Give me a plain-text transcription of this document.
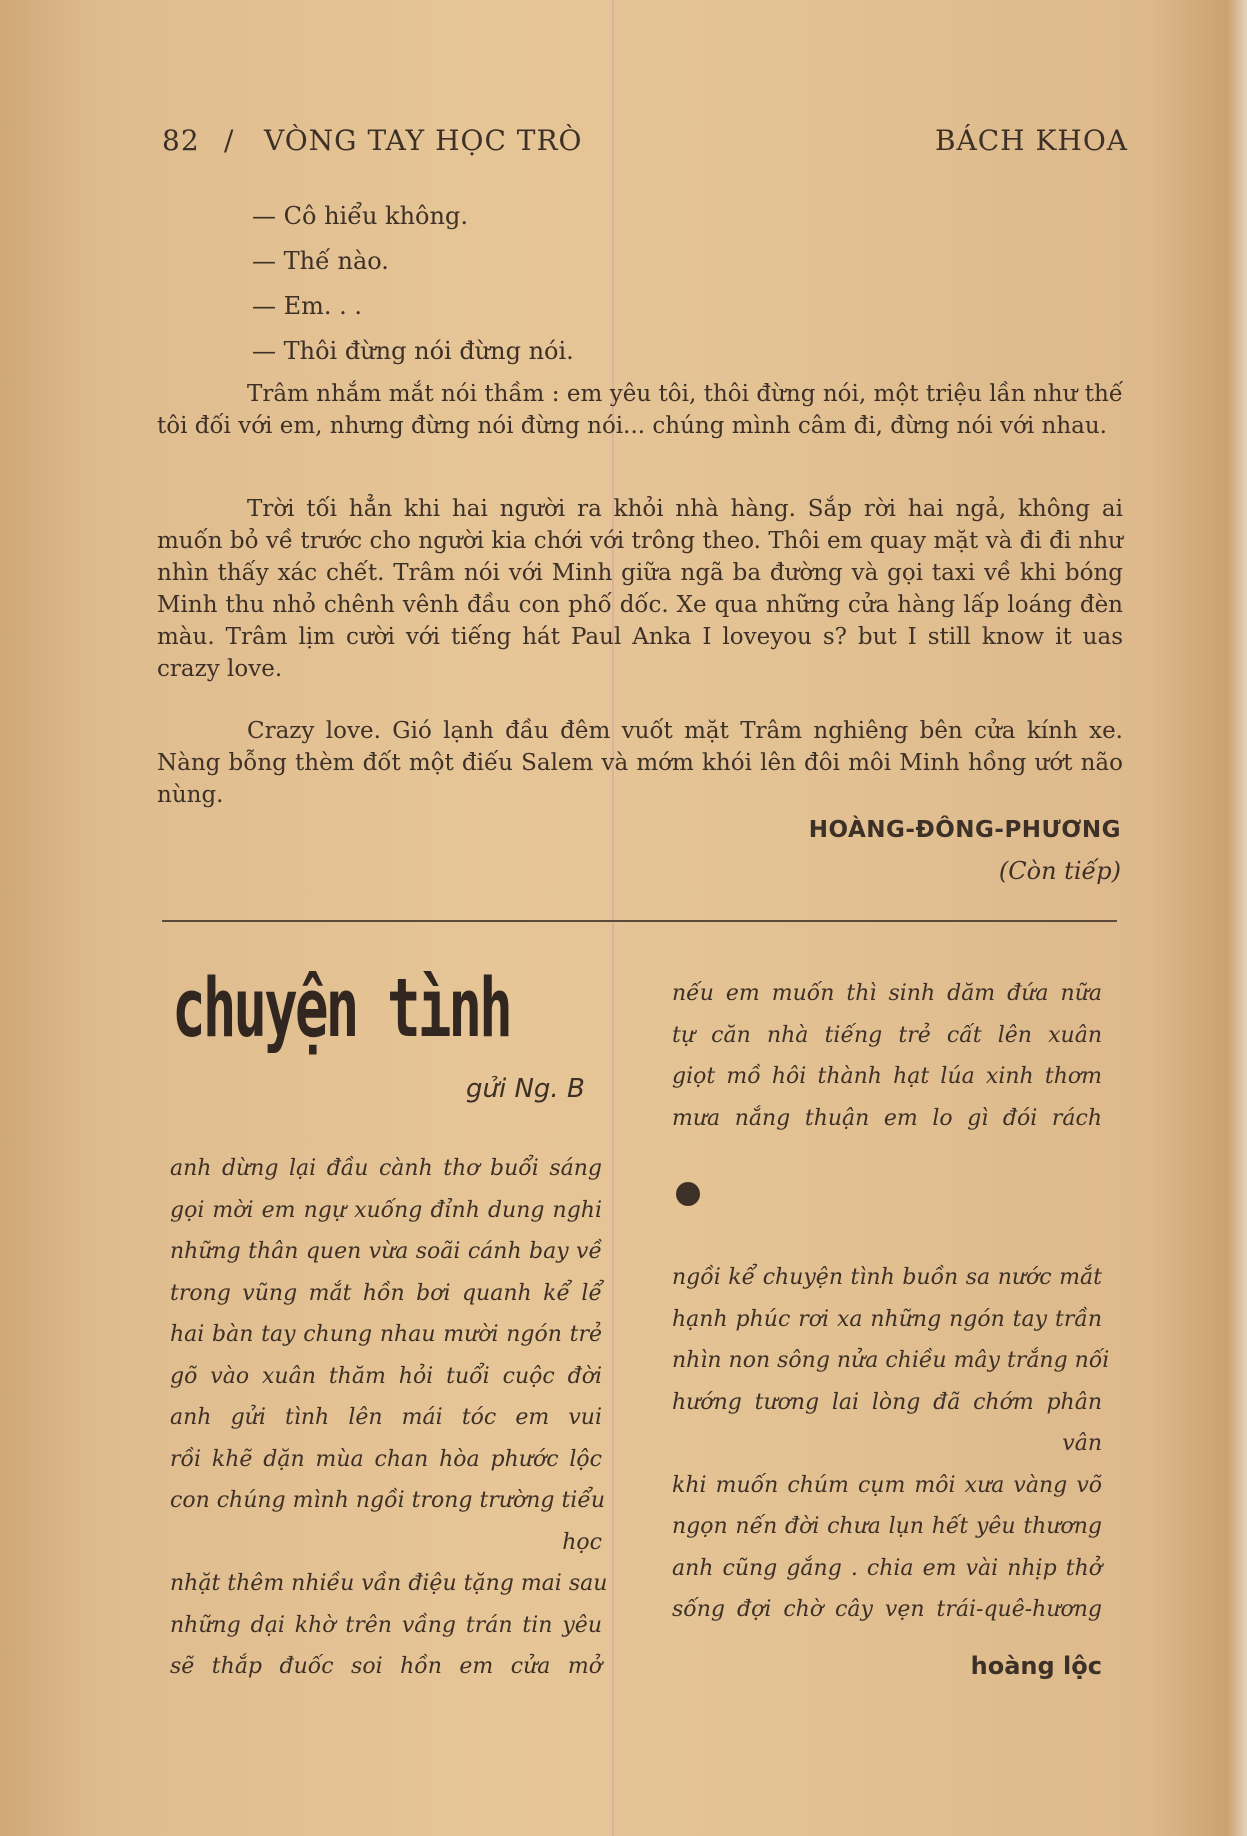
82 / VÒNG TAY HỌC TRÒ	BÁCH KHOA
— Cô hiểu không.
— Thế nào.
— Em. . .
— Thôi đừng nói đừng nói.

Trâm nhắm mắt nói thầm : em yêu tôi, thôi đừng nói, một triệu lần như thế tôi đối với em, nhưng đừng nói đừng nói... chúng mình câm đi, đừng nói với nhau.

Trời tối hẳn khi hai người ra khỏi nhà hàng. Sắp rời hai ngả, không ai muốn bỏ về trước cho người kia chới với trông theo. Thôi em quay mặt và đi đi như nhìn thấy xác chết. Trâm nói với Minh giữa ngã ba đường và gọi taxi về khi bóng Minh thu nhỏ chênh vênh đầu con phố dốc. Xe qua những cửa hàng lấp loáng đèn màu. Trâm lịm cười với tiếng hát Paul Anka I loveyou s? but I still know it uas crazy love.

Crazy love. Gió lạnh đầu đêm vuốt mặt Trâm nghiêng bên cửa kính xe. Nàng bỗng thèm đốt một điếu Salem và mớm khói lên đôi môi Minh hồng ướt não nùng.

HOÀNG-ĐÔNG-PHƯƠNG
(Còn tiếp)
chuyện tình
gửi Ng. B
anh dừng lại đầu cành thơ buổi sáng
gọi mời em ngự xuống đỉnh dung nghi
những thân quen vừa soãi cánh bay về
trong vũng mắt hồn bơi quanh kể lể
hai bàn tay chung nhau mười ngón trẻ
gõ vào xuân thăm hỏi tuổi cuộc đời
anh gửi tình lên mái tóc em vui
rồi khẽ dặn mùa chan hòa phước lộc
con chúng mình ngồi trong trường tiểu
học
nhặt thêm nhiều vần điệu tặng mai sau
những dại khờ trên vầng trán tin yêu
sẽ thắp đuốc soi hồn em cửa mở
nếu em muốn thì sinh dăm đứa nữa
tự căn nhà tiếng trẻ cất lên xuân
giọt mồ hôi thành hạt lúa xinh thơm
mưa nắng thuận em lo gì đói rách
ngồi kể chuyện tình buồn sa nước mắt
hạnh phúc rơi xa những ngón tay trần
nhìn non sông nửa chiều mây trắng nối
hướng tương lai lòng đã chớm phân
vân
khi muốn chúm cụm môi xưa vàng võ
ngọn nến đời chưa lụn hết yêu thương
anh cũng gắng . chia em vài nhịp thở
sống đợi chờ cây vẹn trái-quê-hương
hoàng lộc
